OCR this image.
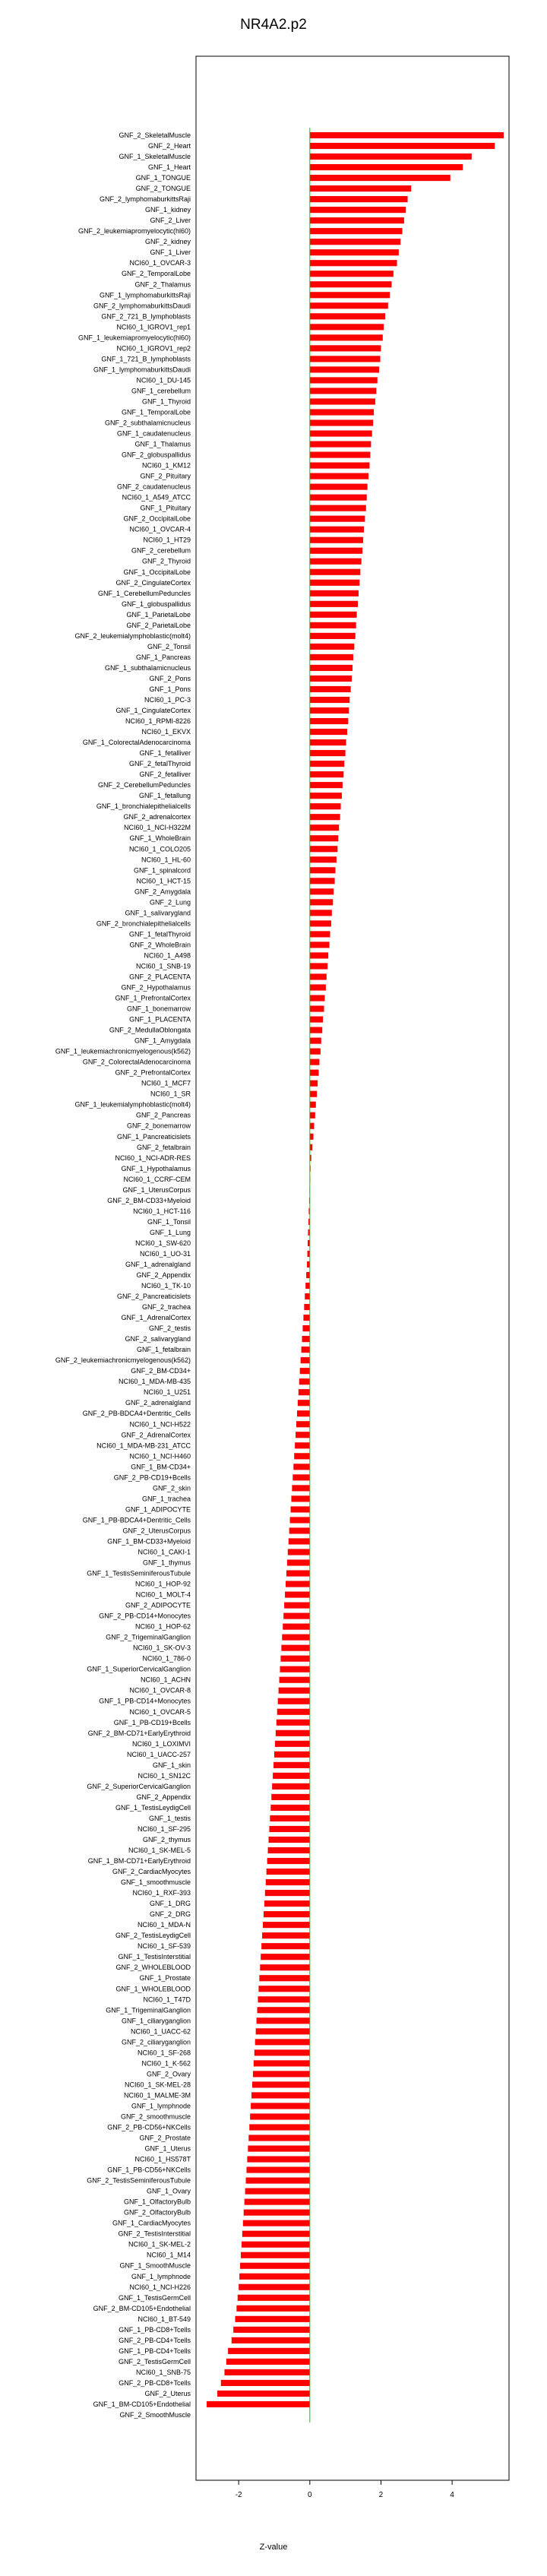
NR4A2.p2
GNF_2_SkeletalMuscle
GNF_2_Heart
GNF_1_SkeletalMuscle
GNF_1_Heart
GNF_1_TONGUE
GNF_2_TONGUE
GNF_2_lymphomaburkittsRaji
GNF_1_kidney
GNF_2_Liver
GNF_2_leukemiapromyelocytic(hl60)
GNF_2_kidney
GNF_1_Liver
NCI60_1_OVCAR-3
GNF_2_TemporalLobe
GNF_2_Thalamus
GNF_1_lymphomaburkittsRaji
GNF_2_lymphomaburkittsDaudi
GNF_2_721_B_lymphoblasts
NCI60_1_IGROV1_rep1
GNF_1_leukemiapromyelocytic(hl60)
NCI60_1_IGROV1_rep2
GNF_1_721_B_lymphoblasts
GNF_1_lymphomaburkittsDaudi
NCI60_1_DU-145
GNF_1_cerebellum
GNF_1_Thyroid
GNF_1_TemporalLobe
GNF_2_subthalamicnucleus
GNF_1_caudatenucleus
GNF_1_Thalamus
GNF_2_globuspallidus
NCI60_1_KM12
GNF_2_Pituitary
GNF_2_caudatenucleus
NCI60_1_A549_ATCC
GNF_1_Pituitary
GNF_2_OccipitalLobe
NCI60_1_OVCAR-4
NCI60_1_HT29
GNF_2_cerebellum
GNF_2_Thyroid
GNF_1_OccipitalLobe
GNF_2_CingulateCortex
GNF_1_CerebellumPeduncles
GNF_1_globuspallidus
GNF_1_ParietalLobe
GNF_2_ParietalLobe
GNF_2_leukemialymphoblastic(molt4)
GNF_2_Tonsil
GNF_1_Pancreas
GNF_1_subthalamicnucleus
GNF_2_Pons
GNF_1_Pons
NCI60_1_PC-3
GNF_1_CingulateCortex
NCI60_1_RPMI-8226
NCI60_1_EKVX
GNF_1_ColorectalAdenocarcinoma
GNF_1_fetalliver
GNF_2_fetalThyroid
GNF_2_fetalliver
GNF_2_CerebellumPeduncles
GNF_1_fetallung
GNF_1_bronchialepithelialcells
GNF_2_adrenalcortex
NCI60_1_NCI-H322M
GNF_1_WholeBrain
NCI60_1_COLO205
NCI60_1_HL-60
GNF_1_spinalcord
NCI60_1_HCT-15
GNF_2_Amygdala
GNF_2_Lung
GNF_1_salivarygland
GNF_2_bronchialepithelialcells
GNF_1_fetalThyroid
GNF_2_WholeBrain
NCI60_1_A498
NCI60_1_SNB-19
GNF_2_PLACENTA
GNF_2_Hypothalamus
GNF_1_PrefrontalCortex
GNF_1_bonemarrow
GNF_1_PLACENTA
GNF_2_MedullaOblongata
GNF_1_Amygdala
GNF_1_leukemiachronicmyelogenous(k562)
GNF_2_ColorectalAdenocarcinoma
GNF_2_PrefrontalCortex
NCI60_1_MCF7
NCI60_1_SR
GNF_1_leukemialymphoblastic(molt4)
GNF_2_Pancreas
GNF_2_bonemarrow
GNF_1_Pancreaticislets
GNF_2_fetalbrain
NCI60_1_NCI-ADR-RES
GNF_1_Hypothalamus
NCI60_1_CCRF-CEM
GNF_1_UterusCorpus
GNF_2_BM-CD33+Myeloid
NCI60_1_HCT-116
GNF_1_Tonsil
GNF_1_Lung
NCI60_1_SW-620
NCI60_1_UO-31
GNF_1_adrenalgland
GNF_2_Appendix
NCI60_1_TK-10
GNF_2_Pancreaticislets
GNF_2_trachea
GNF_1_AdrenalCortex
GNF_2_testis
GNF_2_salivarygland
GNF_1_fetalbrain
GNF_2_leukemiachronicmyelogenous(k562)
GNF_2_BM-CD34+
NCI60_1_MDA-MB-435
NCI60_1_U251
GNF_2_adrenalgland
GNF_2_PB-BDCA4+Dentritic_Cells
NCI60_1_NCI-H522
GNF_2_AdrenalCortex
NCI60_1_MDA-MB-231_ATCC
NCI60_1_NCI-H460
GNF_1_BM-CD34+
GNF_2_PB-CD19+Bcells
GNF_2_skin
GNF_1_trachea
GNF_1_ADIPOCYTE
GNF_1_PB-BDCA4+Dentritic_Cells
GNF_2_UterusCorpus
GNF_1_BM-CD33+Myeloid
NCI60_1_CAKI-1
GNF_1_thymus
GNF_1_TestisSeminiferousTubule
NCI60_1_HOP-92
NCI60_1_MOLT-4
GNF_2_ADIPOCYTE
GNF_2_PB-CD14+Monocytes
NCI60_1_HOP-62
GNF_2_TrigeminalGanglion
NCI60_1_SK-OV-3
NCI60_1_786-0
GNF_1_SuperiorCervicalGanglion
NCI60_1_ACHN
NCI60_1_OVCAR-8
GNF_1_PB-CD14+Monocytes
NCI60_1_OVCAR-5
GNF_1_PB-CD19+Bcells
GNF_2_BM-CD71+EarlyErythroid
NCI60_1_LOXIMVI
NCI60_1_UACC-257
GNF_1_skin
NCI60_1_SN12C
GNF_2_SuperiorCervicalGanglion
GNF_2_Appendix
GNF_1_TestisLeydigCell
GNF_1_testis
NCI60_1_SF-295
GNF_2_thymus
NCI60_1_SK-MEL-5
GNF_1_BM-CD71+EarlyErythroid
GNF_2_CardiacMyocytes
GNF_1_smoothmuscle
NCI60_1_RXF-393
GNF_1_DRG
GNF_2_DRG
NCI60_1_MDA-N
GNF_2_TestisLeydigCell
NCI60_1_SF-539
GNF_1_TestisInterstitial
GNF_2_WHOLEBLOOD
GNF_1_Prostate
GNF_1_WHOLEBLOOD
NCI60_1_T47D
GNF_1_TrigeminalGanglion
GNF_1_ciliaryganglion
NCI60_1_UACC-62
GNF_2_ciliaryganglion
NCI60_1_SF-268
NCI60_1_K-562
GNF_2_Ovary
NCI60_1_SK-MEL-28
NCI60_1_MALME-3M
GNF_1_lymphnode
GNF_2_smoothmuscle
GNF_2_PB-CD56+NKCells
GNF_2_Prostate
GNF_1_Uterus
NCI60_1_HS578T
GNF_1_PB-CD56+NKCells
GNF_2_TestisSeminiferousTubule
GNF_1_Ovary
GNF_1_OlfactoryBulb
GNF_2_OlfactoryBulb
GNF_1_CardiacMyocytes
GNF_2_TestisInterstitial
NCI60_1_SK-MEL-2
NCI60_1_M14
GNF_1_SmoothMuscle
GNF_1_lymphnode
NCI60_1_NCI-H226
GNF_1_TestisGermCell
GNF_2_BM-CD105+Endothelial
NCI60_1_BT-549
GNF_1_PB-CD8+Tcells
GNF_2_PB-CD4+Tcells
GNF_1_PB-CD4+Tcells
GNF_2_TestisGermCell
NCI60_1_SNB-75
GNF_2_PB-CD8+Tcells
GNF_2_Uterus
GNF_1_BM-CD105+Endothelial
GNF_2_SmoothMuscle
-2	0	2	4
Z-value
